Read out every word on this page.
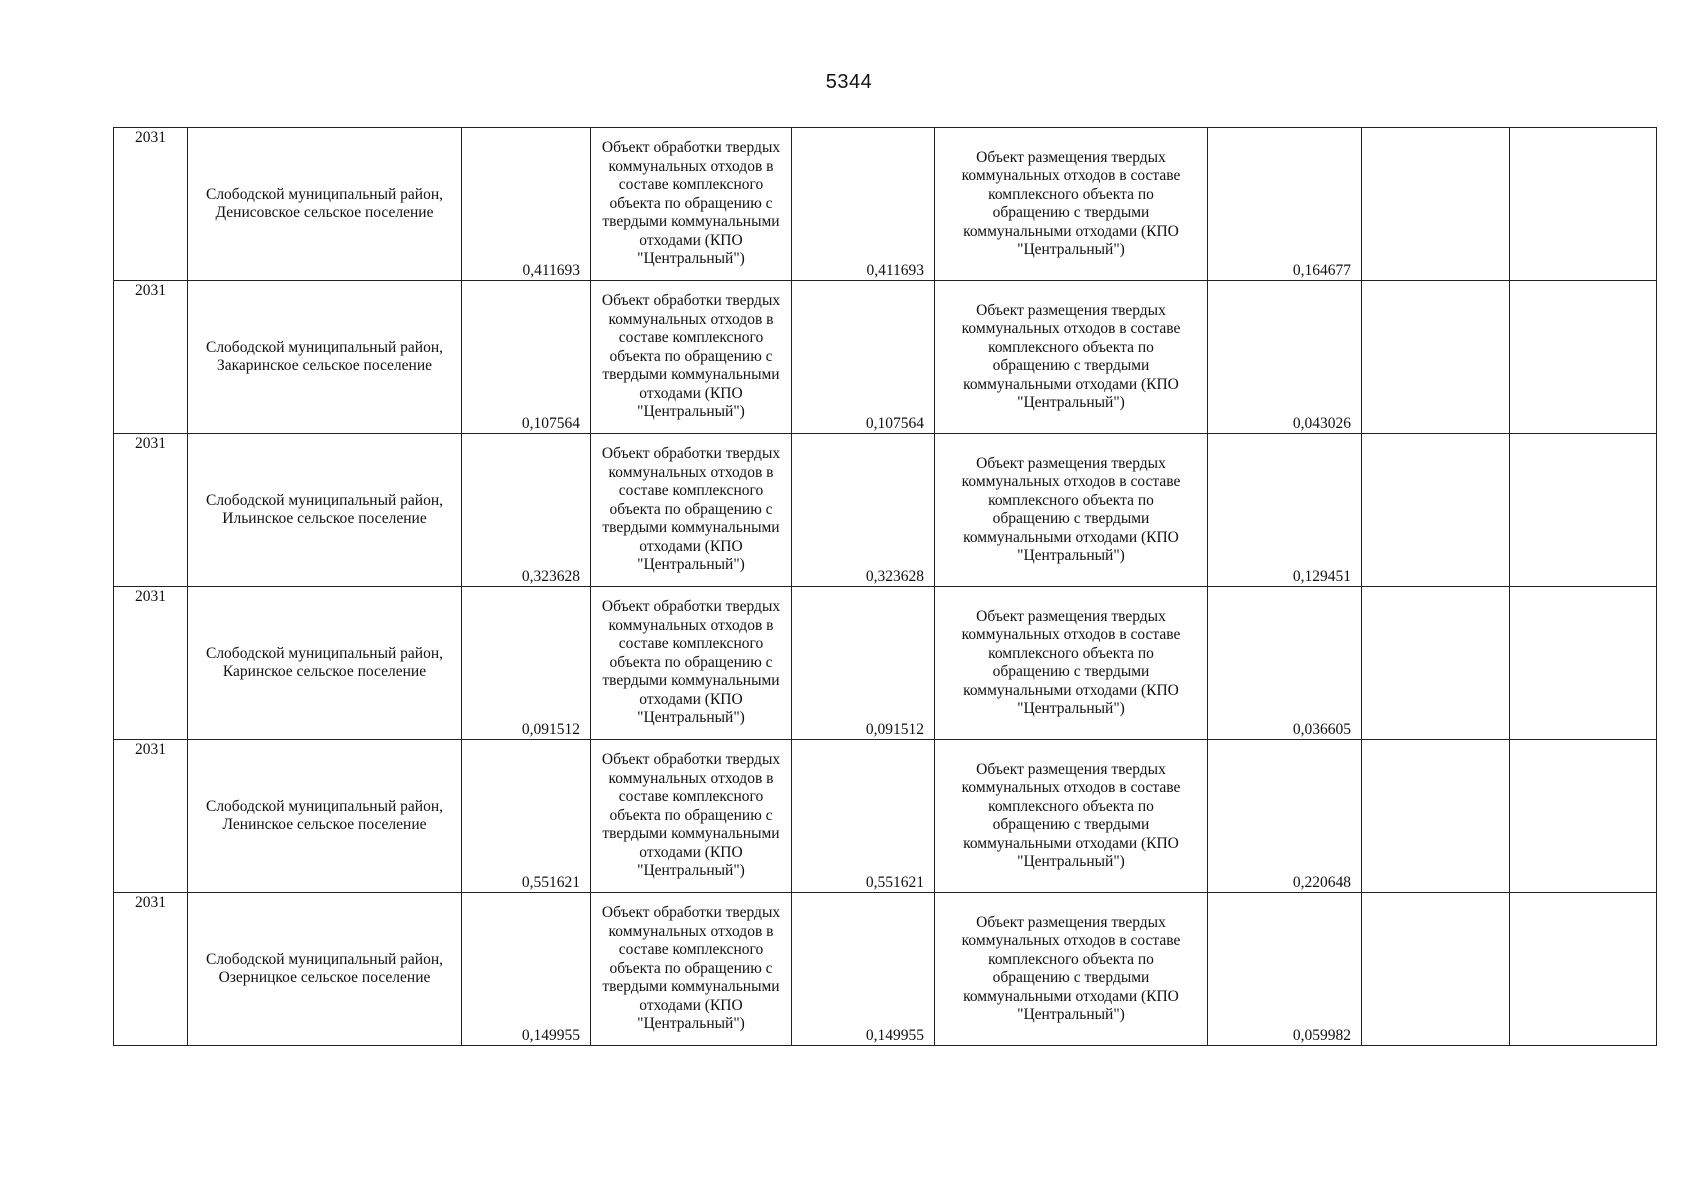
5344
2031	Слободской муниципальный район, Денисовское сельское поселение	0,411693	Объект обработки твердых коммунальных отходов в составе комплексного объекта по обращению с твердыми коммунальными отходами (КПО "Центральный")	0,411693	Объект размещения твердых коммунальных отходов в составе комплексного объекта по обращению с твердыми коммунальными отходами (КПО "Центральный")	0,164677		
2031	Слободской муниципальный район, Закаринское сельское поселение	0,107564	Объект обработки твердых коммунальных отходов в составе комплексного объекта по обращению с твердыми коммунальными отходами (КПО "Центральный")	0,107564	Объект размещения твердых коммунальных отходов в составе комплексного объекта по обращению с твердыми коммунальными отходами (КПО "Центральный")	0,043026		
2031	Слободской муниципальный район, Ильинское сельское поселение	0,323628	Объект обработки твердых коммунальных отходов в составе комплексного объекта по обращению с твердыми коммунальными отходами (КПО "Центральный")	0,323628	Объект размещения твердых коммунальных отходов в составе комплексного объекта по обращению с твердыми коммунальными отходами (КПО "Центральный")	0,129451		
2031	Слободской муниципальный район, Каринское сельское поселение	0,091512	Объект обработки твердых коммунальных отходов в составе комплексного объекта по обращению с твердыми коммунальными отходами (КПО "Центральный")	0,091512	Объект размещения твердых коммунальных отходов в составе комплексного объекта по обращению с твердыми коммунальными отходами (КПО "Центральный")	0,036605		
2031	Слободской муниципальный район, Ленинское сельское поселение	0,551621	Объект обработки твердых коммунальных отходов в составе комплексного объекта по обращению с твердыми коммунальными отходами (КПО "Центральный")	0,551621	Объект размещения твердых коммунальных отходов в составе комплексного объекта по обращению с твердыми коммунальными отходами (КПО "Центральный")	0,220648		
2031	Слободской муниципальный район, Озерницкое сельское поселение	0,149955	Объект обработки твердых коммунальных отходов в составе комплексного объекта по обращению с твердыми коммунальными отходами (КПО "Центральный")	0,149955	Объект размещения твердых коммунальных отходов в составе комплексного объекта по обращению с твердыми коммунальными отходами (КПО "Центральный")	0,059982		
